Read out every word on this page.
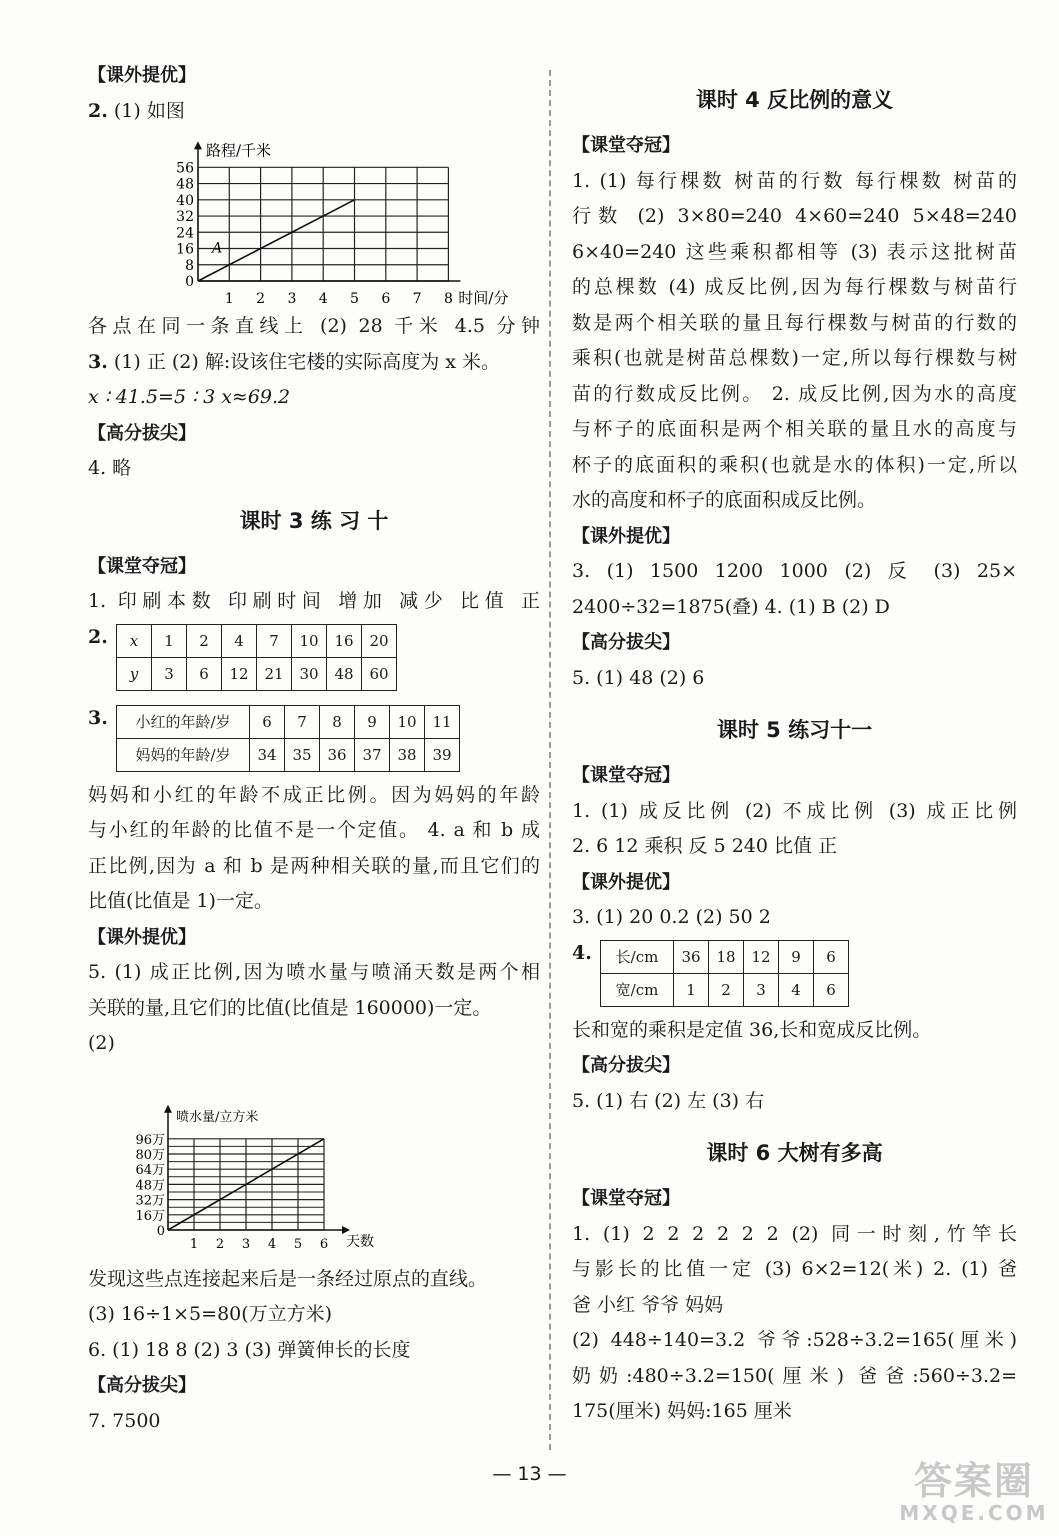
【课外提优】
2. (1) 如图
路程/千米
时间/分
56
48
40
32
24
16
8
0
1 2 3 4 5 6 7 8
A
各点在同一条直线上 (2) 28 千米 4.5 分钟
3. (1) 正 (2) 解:设该住宅楼的实际高度为 x 米。
x ∶ 41.5=5 ∶ 3 x≈69.2
【高分拔尖】
4. 略
课时 3 练 习 十
【课堂夺冠】
1. 印刷本数 印刷时间 增加 减少 比值 正
2.	x	1	2	4	7	10	16	20
y	3	6	12	21	30	48	60
3.	小红的年龄/岁	6	7	8	9	10	11
妈妈的年龄/岁	34	35	36	37	38	39
妈妈和小红的年龄不成正比例。因为妈妈的年龄
与小红的年龄的比值不是一个定值。 4. a 和 b 成
正比例,因为 a 和 b 是两种相关联的量,而且它们的
比值(比值是 1)一定。
【课外提优】
5. (1) 成正比例,因为喷水量与喷涌天数是两个相
关联的量,且它们的比值(比值是 160000)一定。
(2)
喷水量/立方米
天数
96万
80万
64万
48万
32万
16万
0
1 2 3 4 5 6
发现这些点连接起来后是一条经过原点的直线。
(3) 16÷1×5=80(万立方米)
6. (1) 18 8 (2) 3 (3) 弹簧伸长的长度
【高分拔尖】
7. 7500
课时 4 反比例的意义
【课堂夺冠】
1. (1) 每行棵数 树苗的行数 每行棵数 树苗的
行数 (2) 3×80=240 4×60=240 5×48=240
6×40=240 这些乘积都相等 (3) 表示这批树苗
的总棵数 (4) 成反比例,因为每行棵数与树苗行
数是两个相关联的量且每行棵数与树苗的行数的
乘积(也就是树苗总棵数)一定,所以每行棵数与树
苗的行数成反比例。 2. 成反比例,因为水的高度
与杯子的底面积是两个相关联的量且水的高度与
杯子的底面积的乘积(也就是水的体积)一定,所以
水的高度和杯子的底面积成反比例。
【课外提优】
3. (1) 1500 1200 1000 (2) 反 (3) 25×
2400÷32=1875(叠) 4. (1) B (2) D
【高分拔尖】
5. (1) 48 (2) 6
课时 5 练习十一
【课堂夺冠】
1. (1) 成反比例 (2) 不成比例 (3) 成正比例
2. 6 12 乘积 反 5 240 比值 正
【课外提优】
3. (1) 20 0.2 (2) 50 2
4.	长/cm	36	18	12	9	6
宽/cm	1	2	3	4	6
长和宽的乘积是定值 36,长和宽成反比例。
【高分拔尖】
5. (1) 右 (2) 左 (3) 右
课时 6 大树有多高
【课堂夺冠】
1. (1) 2 2 2 2 2 2 (2) 同一时刻,竹竿长
与影长的比值一定 (3) 6×2=12(米) 2. (1) 爸
爸 小红 爷爷 妈妈
(2) 448÷140=3.2 爷爷:528÷3.2=165(厘米)
奶奶:480÷3.2=150(厘米) 爸爸:560÷3.2=
175(厘米) 妈妈:165 厘米
— 13 —	答案圈
MXQE.COM
